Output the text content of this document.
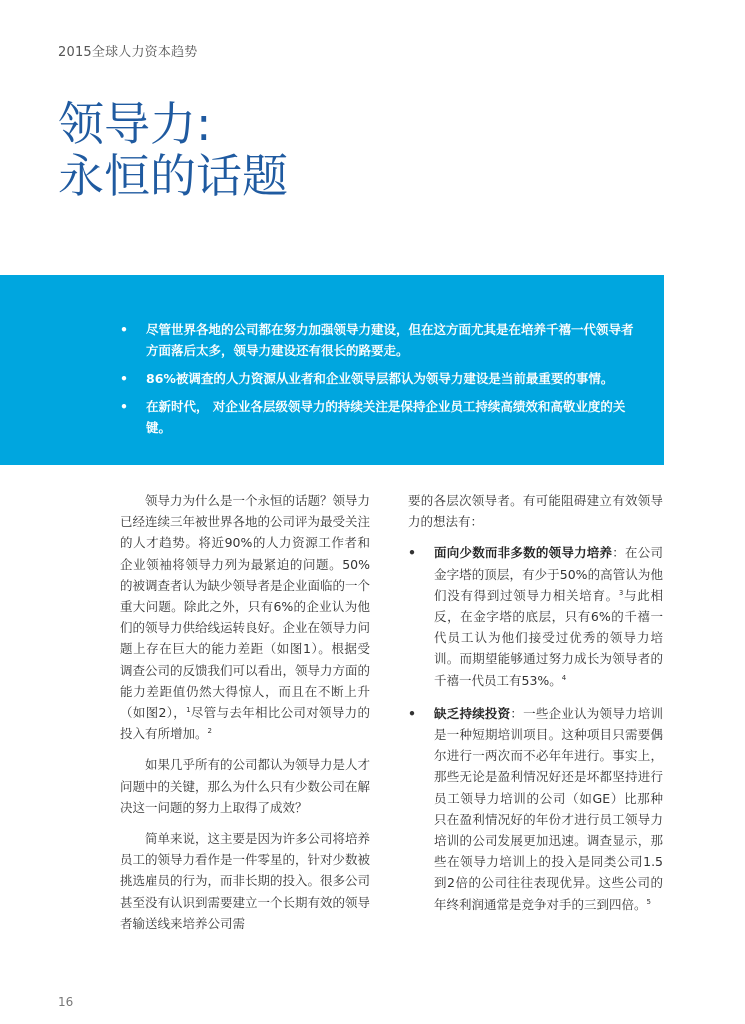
2015全球人力资本趋势
领导力:
永恒的话题
• 尽管世界各地的公司都在努力加强领导力建设，但在这方面尤其是在培养千禧一代领导者方面落后太多，领导力建设还有很长的路要走。
• 86%被调查的人力资源从业者和企业领导层都认为领导力建设是当前最重要的事情。
• 在新时代， 对企业各层级领导力的持续关注是保持企业员工持续高绩效和高敬业度的关键。

领导力为什么是一个永恒的话题？领导力已经连续三年被世界各地的公司评为最受关注的人才趋势。将近90%的人力资源工作者和企业领袖将领导力列为最紧迫的问题。50%的被调查者认为缺少领导者是企业面临的一个重大问题。除此之外，只有6%的企业认为他们的领导力供给线运转良好。企业在领导力问题上存在巨大的能力差距（如图1）。根据受调查公司的反馈我们可以看出，领导力方面的能力差距值仍然大得惊人，而且在不断上升（如图2），$^1$尽管与去年相比公司对领导力的投入有所增加。$^2$

如果几乎所有的公司都认为领导力是人才问题中的关键，那么为什么只有少数公司在解决这一问题的努力上取得了成效？

简单来说，这主要是因为许多公司将培养员工的领导力看作是一件零星的，针对少数被挑选雇员的行为，而非长期的投入。很多公司甚至没有认识到需要建立一个长期有效的领导者输送线来培养公司需

要的各层次领导者。有可能阻碍建立有效领导力的想法有：

• 面向少数而非多数的领导力培养：在公司金字塔的顶层，有少于50%的高管认为他们没有得到过领导力相关培育。$^3$与此相反，在金字塔的底层，只有6%的千禧一代员工认为他们接受过优秀的领导力培训。而期望能够通过努力成长为领导者的千禧一代员工有53%。$^4$
• 缺乏持续投资：一些企业认为领导力培训是一种短期培训项目。这种项目只需要偶尔进行一两次而不必年年进行。事实上，那些无论是盈利情况好还是坏都坚持进行员工领导力培训的公司（如GE）比那种只在盈利情况好的年份才进行员工领导力培训的公司发展更加迅速。调查显示，那些在领导力培训上的投入是同类公司1.5到2倍的公司往往表现优异。这些公司的年终利润通常是竞争对手的三到四倍。$^5$
16
